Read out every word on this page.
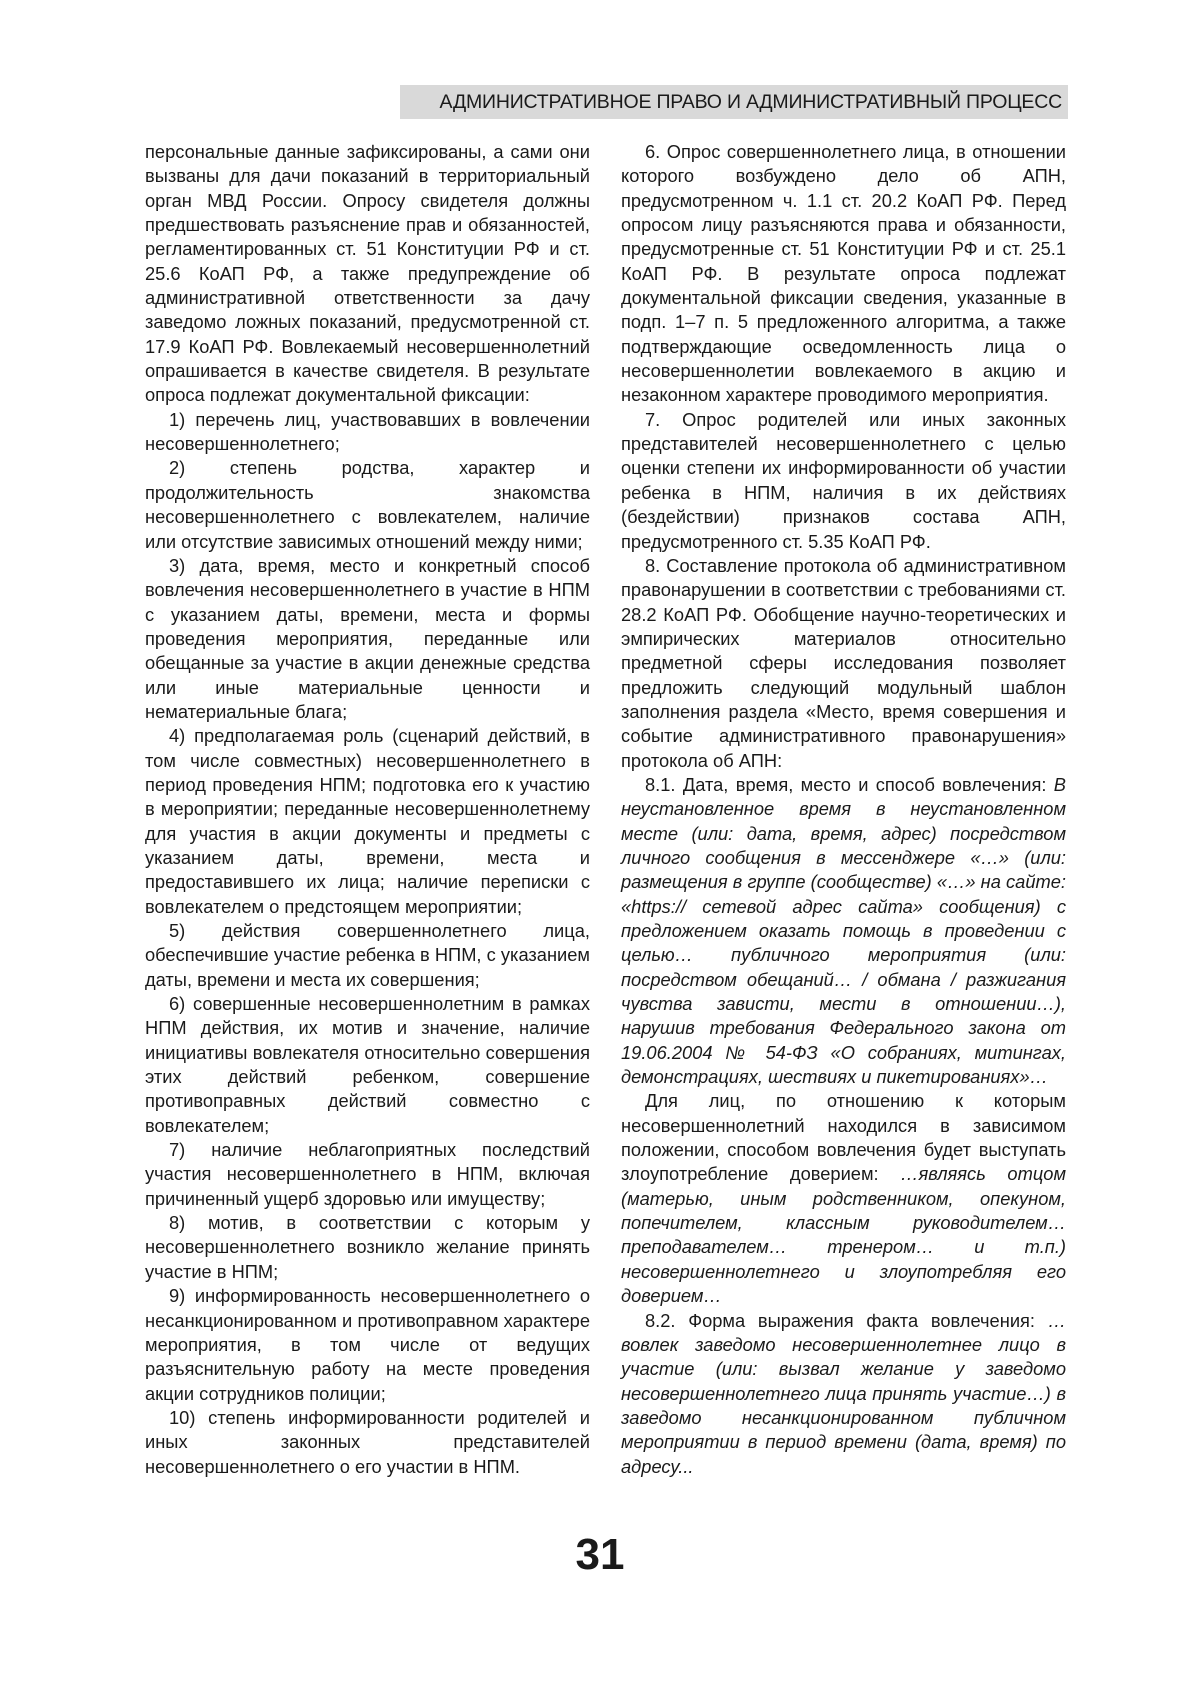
АДМИНИСТРАТИВНОЕ ПРАВО И АДМИНИСТРАТИВНЫЙ ПРОЦЕСС

персональные данные зафиксированы, а сами они вызваны для дачи показаний в территориальный орган МВД России. Опросу свидетеля должны предшествовать разъяснение прав и обязанностей, регламентированных ст. 51 Конституции РФ и ст. 25.6 КоАП РФ, а также предупреждение об административной ответственности за дачу заведомо ложных показаний, предусмотренной ст. 17.9 КоАП РФ. Вовлекаемый несовершеннолетний опрашивается в качестве свидетеля. В результате опроса подлежат документальной фиксации:

1) перечень лиц, участвовавших в вовлечении несовершеннолетнего;

2) степень родства, характер и продолжительность знакомства несовершеннолетнего с вовлекателем, наличие или отсутствие зависимых отношений между ними;

3) дата, время, место и конкретный способ вовлечения несовершеннолетнего в участие в НПМ с указанием даты, времени, места и формы проведения мероприятия, переданные или обещанные за участие в акции денежные средства или иные материальные ценности и нематериальные блага;

4) предполагаемая роль (сценарий действий, в том числе совместных) несовершеннолетнего в период проведения НПМ; подготовка его к участию в мероприятии; переданные несовершеннолетнему для участия в акции документы и предметы с указанием даты, времени, места и предоставившего их лица; наличие переписки с вовлекателем о предстоящем мероприятии;

5) действия совершеннолетнего лица, обеспечившие участие ребенка в НПМ, с указанием даты, времени и места их совершения;

6) совершенные несовершеннолетним в рамках НПМ действия, их мотив и значение, наличие инициативы вовлекателя относительно совершения этих действий ребенком, совершение противоправных действий совместно с вовлекателем;

7) наличие неблагоприятных последствий участия несовершеннолетнего в НПМ, включая причиненный ущерб здоровью или имуществу;

8) мотив, в соответствии с которым у несовершеннолетнего возникло желание принять участие в НПМ;

9) информированность несовершеннолетнего о несанкционированном и противоправном характере мероприятия, в том числе от ведущих разъяснительную работу на месте проведения акции сотрудников полиции;

10) степень информированности родителей и иных законных представителей несовершеннолетнего о его участии в НПМ.

6. Опрос совершеннолетнего лица, в отношении которого возбуждено дело об АПН, предусмотренном ч. 1.1 ст. 20.2 КоАП РФ. Перед опросом лицу разъясняются права и обязанности, предусмотренные ст. 51 Конституции РФ и ст. 25.1 КоАП РФ. В результате опроса подлежат документальной фиксации сведения, указанные в подп. 1–7 п. 5 предложенного алгоритма, а также подтверждающие осведомленность лица о несовершеннолетии вовлекаемого в акцию и незаконном характере проводимого мероприятия.

7. Опрос родителей или иных законных представителей несовершеннолетнего с целью оценки степени их информированности об участии ребенка в НПМ, наличия в их действиях (бездействии) признаков состава АПН, предусмотренного ст. 5.35 КоАП РФ.

8. Составление протокола об административном правонарушении в соответствии с требованиями ст. 28.2 КоАП РФ. Обобщение научно-теоретических и эмпирических материалов относительно предметной сферы исследования позволяет предложить следующий модульный шаблон заполнения раздела «Место, время совершения и событие административного правонарушения» протокола об АПН:

8.1. Дата, время, место и способ вовлечения: В неустановленное время в неустановленном месте (или: дата, время, адрес) посредством личного сообщения в мессенджере «…» (или: размещения в группе (сообществе) «…» на сайте: «https:// сетевой адрес сайта» сообщения) с предложением оказать помощь в проведении с целью… публичного мероприятия (или: посредством обещаний… / обмана / разжигания чувства зависти, мести в отношении…), нарушив требования Федерального закона от 19.06.2004 № 54-ФЗ «О собраниях, митингах, демонстрациях, шествиях и пикетированиях»…

Для лиц, по отношению к которым несовершеннолетний находился в зависимом положении, способом вовлечения будет выступать злоупотребление доверием: …являясь отцом (матерью, иным родственником, опекуном, попечителем, классным руководителем… преподавателем… тренером… и т.п.) несовершеннолетнего и злоупотребляя его доверием…

8.2. Форма выражения факта вовлечения: …вовлек заведомо несовершеннолетнее лицо в участие (или: вызвал желание у заведомо несовершеннолетнего лица принять участие…) в заведомо несанкционированном публичном мероприятии в период времени (дата, время) по адресу...

31
